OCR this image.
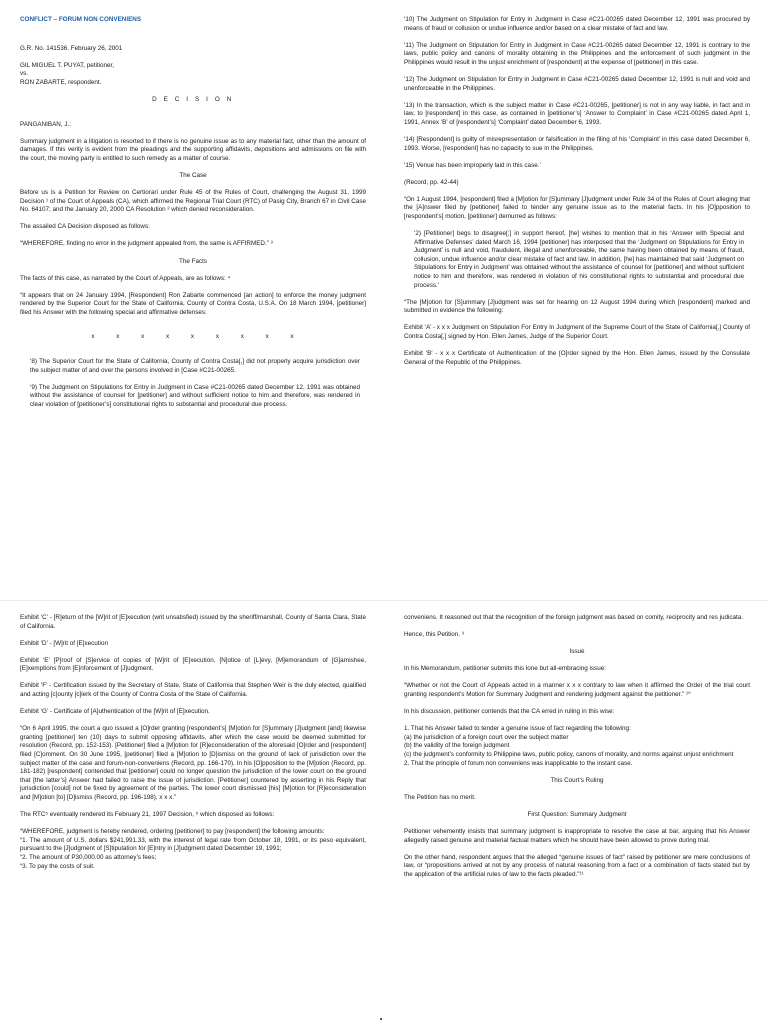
CONFLICT – FORUM NON CONVENIENS

G.R. No. 141536. February 26, 2001

GIL MIGUEL T. PUYAT, petitioner,

vs.

RON ZABARTE, respondent.

D E C I S I O N

PANGANIBAN, J.:

Summary judgment in a litigation is resorted to if there is no genuine issue as to any material fact, other than the amount of damages. If this verity is evident from the pleadings and the supporting affidavits, depositions and admissions on file with the court, the moving party is entitled to such remedy as a matter of course.

The Case

Before us is a Petition for Review on Certiorari under Rule 45 of the Rules of Court, challenging the August 31, 1999 Decision ¹ of the Court of Appeals (CA), which affirmed the Regional Trial Court (RTC) of Pasig City, Branch 67 in Civil Case No. 64107; and the January 20, 2000 CA Resolution ² which denied reconsideration.

The assailed CA Decision disposed as follows:

“WHEREFORE, finding no error in the judgment appealed from, the same is AFFIRMED.” ³

The Facts

The facts of this case, as narrated by the Court of Appeals, are as follows: ⁴

“It appears that on 24 January 1994, [Respondent] Ron Zabarte commenced [an action] to enforce the money judgment rendered by the Superior Court for the State of California, County of Contra Costa, U.S.A. On 18 March 1994, [petitioner] filed his Answer with the following special and affirmative defenses:

x x x x x x x x x

‘8) The Superior Court for the State of California, County of Contra Costa[,] did not properly acquire jurisdiction over the subject matter of and over the persons involved in [Case #C21-00265.

‘9) The Judgment on Stipulations for Entry in Judgment in Case #C21-00265 dated December 12, 1991 was obtained without the assistance of counsel for [petitioner] and without sufficient notice to him and therefore, was rendered in clear violation of [petitioner’s] constitutional rights to substantial and procedural due process.

‘10) The Judgment on Stipulation for Entry in Judgment in Case #C21-00265 dated December 12, 1991 was procured by means of fraud or collusion or undue influence and/or based on a clear mistake of fact and law.

‘11) The Judgment on Stipulation for Entry in Judgment in Case #C21-00265 dated December 12, 1991 is contrary to the laws, public policy and canons of morality obtaining in the Philippines and the enforcement of such judgment in the Philippines would result in the unjust enrichment of [respondent] at the expense of [petitioner] in this case.

‘12) The Judgment on Stipulation for Entry in Judgment in Case #C21-00265 dated December 12, 1991 is null and void and unenforceable in the Philippines.

‘13) In the transaction, which is the subject matter in Case #C21-00265, [petitioner] is not in any way liable, in fact and in law, to [respondent] in this case, as contained in [petitioner’s] ‘Answer to Complaint’ in Case #C21-00265 dated April 1, 1991, Annex ‘B’ of [respondent’s] ‘Complaint’ dated December 6, 1993.

‘14) [Respondent] is guilty of misrepresentation or falsification in the filing of his ‘Complaint’ in this case dated December 6, 1993. Worse, [respondent] has no capacity to sue in the Philippines.

‘15) Venue has been improperly laid in this case.’

(Record, pp. 42-44)

“On 1 August 1994, [respondent] filed a [M]otion for [S]ummary [J]udgment under Rule 34 of the Rules of Court alleging that the [A]nswer filed by [petitioner] failed to tender any genuine issue as to the material facts. In his [O]pposition to [respondent’s] motion, [petitioner] demurred as follows:

‘2) [Petitioner] begs to disagree[;] in support hereof, [he] wishes to mention that in his ‘Answer with Special and Affirmative Defenses’ dated March 16, 1994 [petitioner] has interposed that the ‘Judgment on Stipulations for Entry in Judgment’ is null and void, fraudulent, illegal and unenforceable, the same having been obtained by means of fraud, collusion, undue influence and/or clear mistake of fact and law. In addition, [he] has maintained that said ‘Judgment on Stipulations for Entry in Judgment’ was obtained without the assistance of counsel for [petitioner] and without sufficient notice to him and therefore, was rendered in violation of his constitutional rights to substantial and procedural due process.’

“The [M]otion for [S]ummary [J]udgment was set for hearing on 12 August 1994 during which [respondent] marked and submitted in evidence the following:

Exhibit ‘A’ - x x x Judgment on Stipulation For Entry In Judgment of the Supreme Court of the State of California[,] County of Contra Costa[,] signed by Hon. Ellen James, Judge of the Superior Court.

Exhibit ‘B’ - x x x Certificate of Authentication of the [O]rder signed by the Hon. Ellen James, issued by the Consulate General of the Republic of the Philippines.

Exhibit ‘C’ - [R]eturn of the [W]rit of [E]xecution (writ unsatisfied) issued by the sheriff/marshall, County of Santa Clara, State of California.

Exhibit ‘D’ - [W]rit of [E]xecution

Exhibit ‘E’ [P]roof of [S]ervice of copies of [W]rit of [E]xecution, [N]otice of [L]evy, [M]emorandum of [G]arnishee, [E]xemptions from [E]nforcement of [J]udgment.

Exhibit ‘F’ - Certification issued by the Secretary of State, State of California that Stephen Weir is the duly elected, qualified and acting [c]ounty [c]lerk of the County of Contra Costa of the State of California.

Exhibit ‘G’ - Certificate of [A]uthentication of the [W]rit of [E]xecution.

“On 6 April 1995, the court a quo issued a [O]rder granting [respondent’s] [M]otion for [S]ummary [J]udgment [and] likewise granting [petitioner] ten (10) days to submit opposing affidavits, after which the case would be deemed submitted for resolution (Record, pp. 152-153). [Petitioner] filed a [M]otion for [R]econsideration of the aforesaid [O]rder and [respondent] filed [C]omment. On 30 June 1995, [petitioner] filed a [M]otion to [D]ismiss on the ground of lack of jurisdiction over the subject matter of the case and forum-non-conveniens (Record, pp. 166-170). In his [O]pposition to the [M]otion (Record, pp. 181-182) [respondent] contended that [petitioner] could no longer question the jurisdiction of the lower court on the ground that [the latter’s] Answer had failed to raise the issue of jurisdiction. [Petitioner] countered by asserting in his Reply that jurisdiction [could] not be fixed by agreement of the parties. The lower court dismissed [his] [M]otion for [R]econsideration and [M]otion [to] [D]ismiss (Record, pp. 196-198), x x x.”

The RTC⁵ eventually rendered its February 21, 1997 Decision, ⁶ which disposed as follows:

“WHEREFORE, judgment is hereby rendered, ordering [petitioner] to pay [respondent] the following amounts:

“1. The amount of U.S. dollars $241,991.33, with the interest of legal rate from October 18, 1991, or its peso equivalent, pursuant to the [J]udgment of [S]tipulation for [E]ntry in [J]udgment dated December 19, 1991;

“2. The amount of P30,000.00 as attorney’s fees;

“3. To pay the costs of suit.

conveniens. It reasoned out that the recognition of the foreign judgment was based on comity, reciprocity and res judicata.

Hence, this Petition. ⁹

Issue

In his Memorandum, petitioner submits this lone but all-embracing issue:

“Whether or not the Court of Appeals acted in a manner x x x contrary to law when it affirmed the Order of the trial court granting respondent’s Motion for Summary Judgment and rendering judgment against the petitioner.” ¹⁰

In his discussion, petitioner contends that the CA erred in ruling in this wise:

1. That his Answer failed to tender a genuine issue of fact regarding the following:

(a) the jurisdiction of a foreign court over the subject matter

(b) the validity of the foreign judgment

(c) the judgment’s conformity to Philippine laws, public policy, canons of morality, and norms against unjust enrichment

2. That the principle of forum non conveniens was inapplicable to the instant case.

This Court’s Ruling

The Petition has no merit.

First Question: Summary Judgment

Petitioner vehemently insists that summary judgment is inappropriate to resolve the case at bar, arguing that his Answer allegedly raised genuine and material factual matters which he should have been allowed to prove during trial.

On the other hand, respondent argues that the alleged “genuine issues of fact” raised by petitioner are mere conclusions of law, or “propositions arrived at not by any process of natural reasoning from a fact or a combination of facts stated but by the application of the artificial rules of law to the facts pleaded.”¹¹
